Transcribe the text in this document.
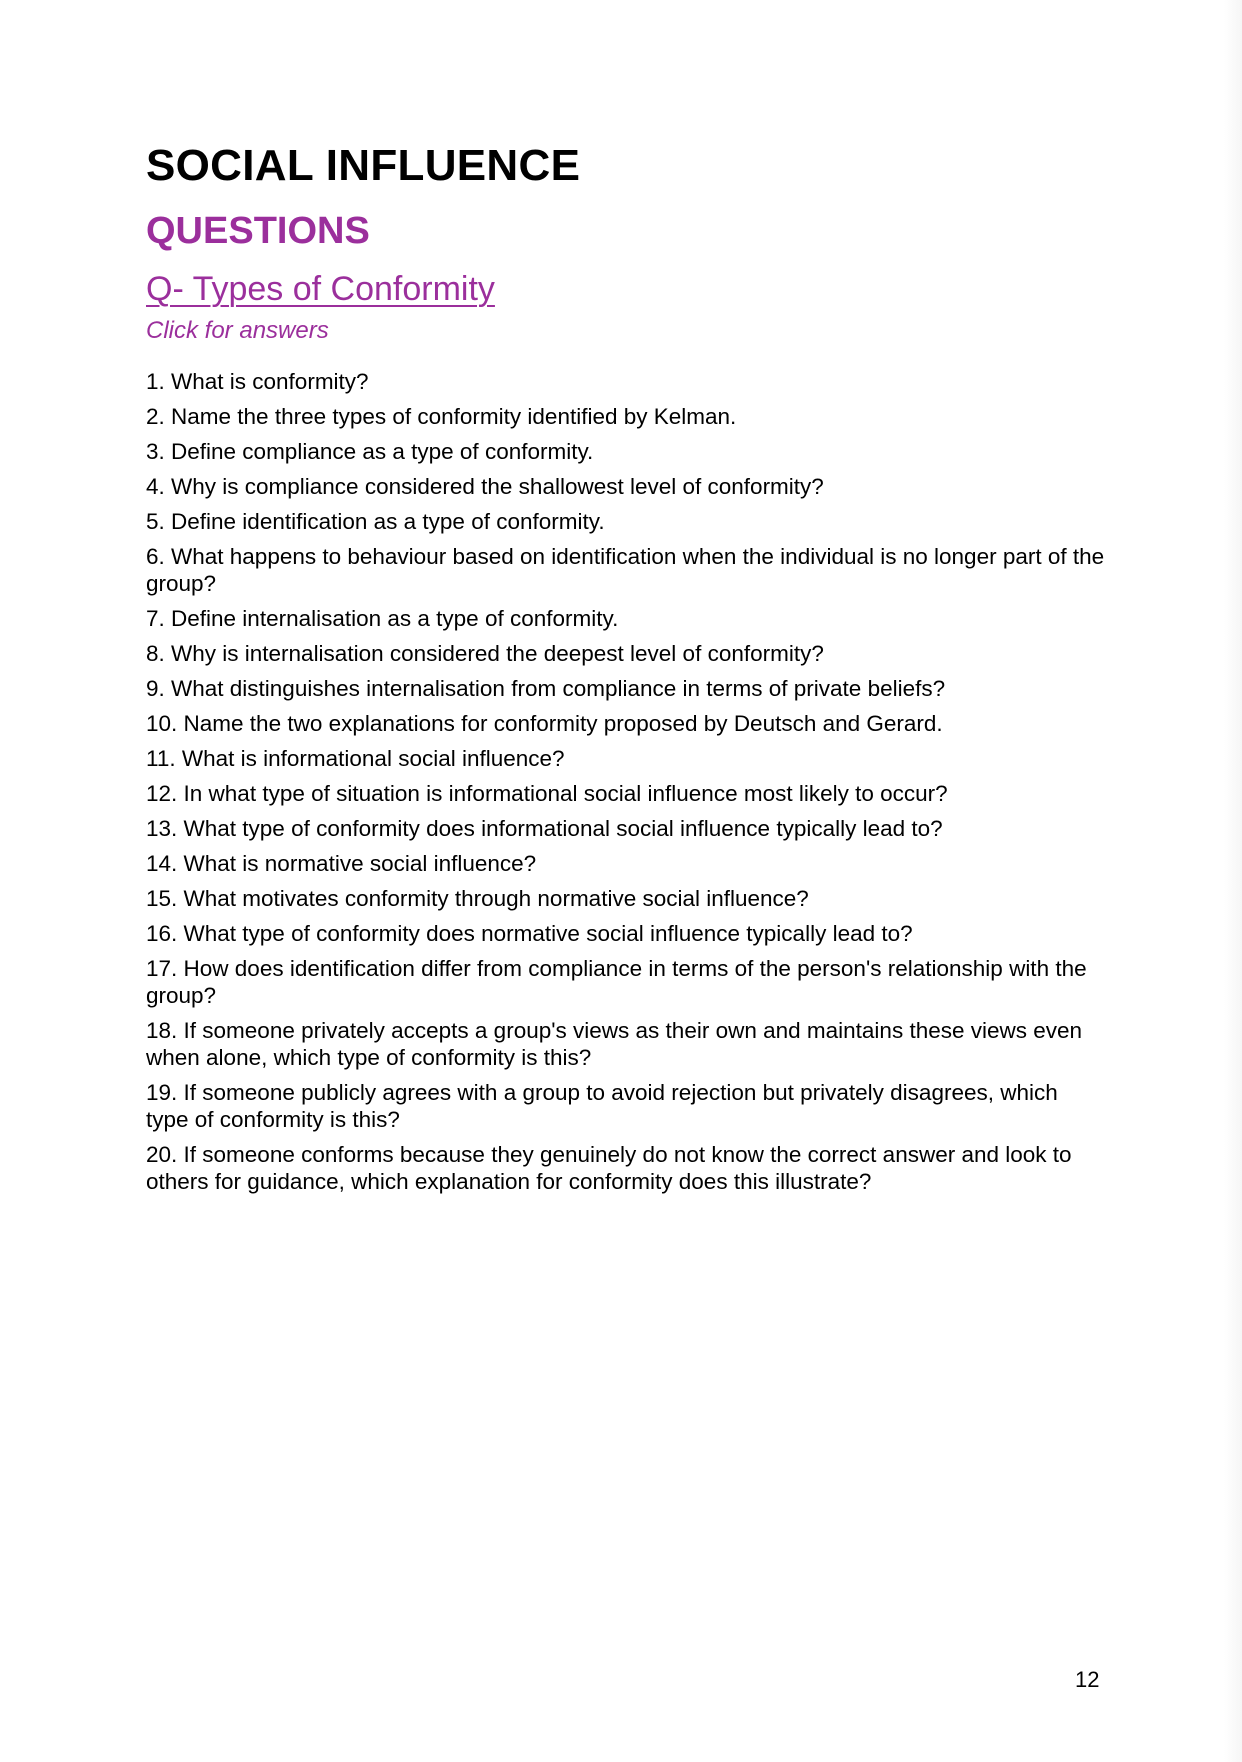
SOCIAL INFLUENCE
QUESTIONS
Q- Types of Conformity
Click for answers
1. What is conformity?
2. Name the three types of conformity identified by Kelman.
3. Define compliance as a type of conformity.
4. Why is compliance considered the shallowest level of conformity?
5. Define identification as a type of conformity.
6. What happens to behaviour based on identification when the individual is no longer part of the group?
7. Define internalisation as a type of conformity.
8. Why is internalisation considered the deepest level of conformity?
9. What distinguishes internalisation from compliance in terms of private beliefs?
10. Name the two explanations for conformity proposed by Deutsch and Gerard.
11. What is informational social influence?
12. In what type of situation is informational social influence most likely to occur?
13. What type of conformity does informational social influence typically lead to?
14. What is normative social influence?
15. What motivates conformity through normative social influence?
16. What type of conformity does normative social influence typically lead to?
17. How does identification differ from compliance in terms of the person's relationship with the group?
18. If someone privately accepts a group's views as their own and maintains these views even when alone, which type of conformity is this?
19. If someone publicly agrees with a group to avoid rejection but privately disagrees, which type of conformity is this?
20. If someone conforms because they genuinely do not know the correct answer and look to others for guidance, which explanation for conformity does this illustrate?
12
